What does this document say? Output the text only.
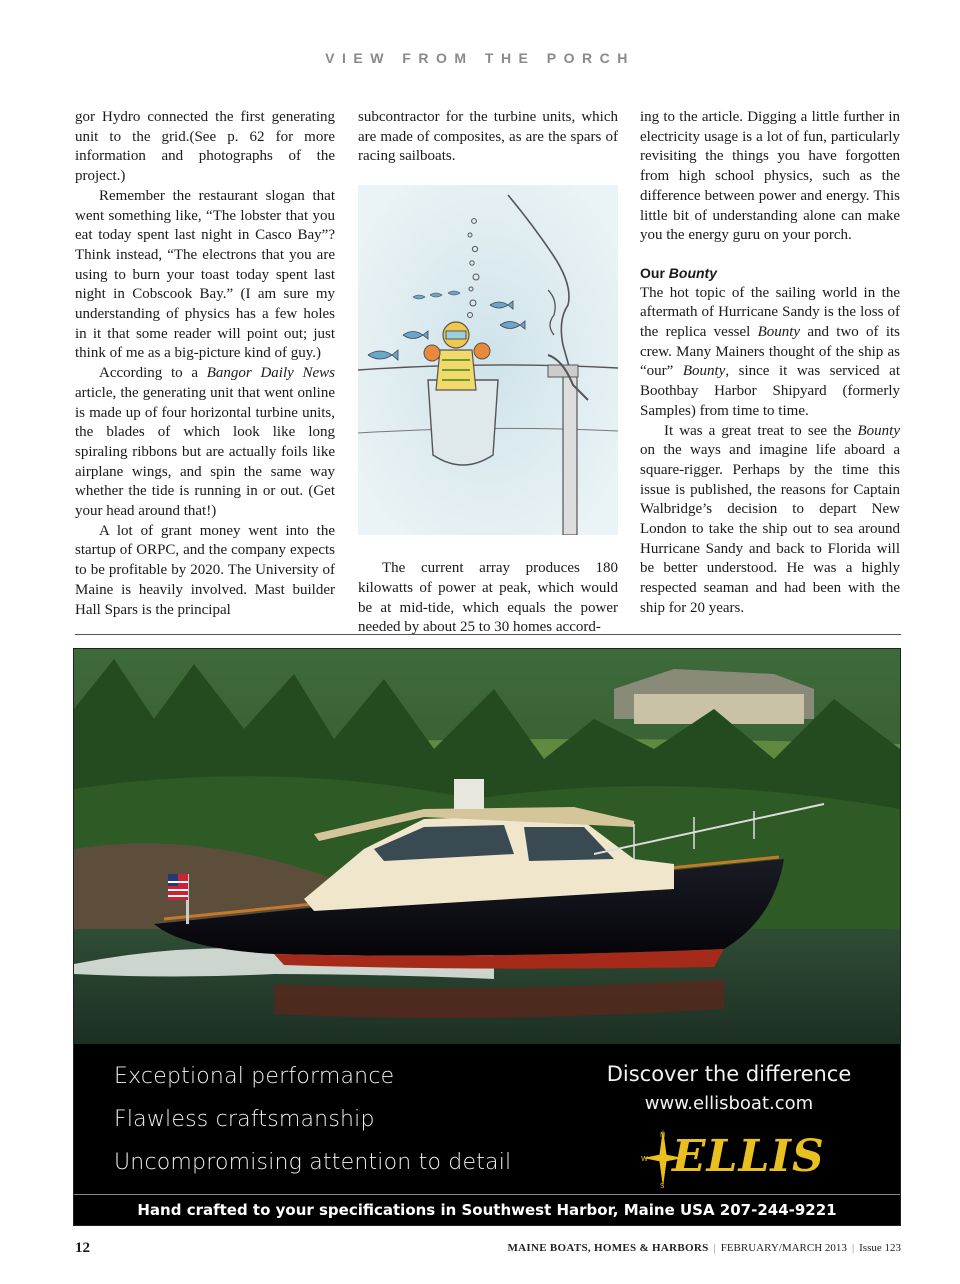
VIEW FROM THE PORCH

gor Hydro connected the first generating unit to the grid.(See p. 62 for more information and photographs of the project.)

Remember the restaurant slogan that went something like, “The lobster that you eat today spent last night in Casco Bay”? Think instead, “The electrons that you are using to burn your toast today spent last night in Cobscook Bay.” (I am sure my understanding of physics has a few holes in it that some reader will point out; just think of me as a big-picture kind of guy.)

According to a Bangor Daily News article, the generating unit that went online is made up of four horizontal turbine units, the blades of which look like long spiraling ribbons but are actually foils like airplane wings, and spin the same way whether the tide is running in or out. (Get your head around that!)

A lot of grant money went into the startup of ORPC, and the company expects to be profitable by 2020. The University of Maine is heavily involved. Mast builder Hall Spars is the principal

subcontractor for the turbine units, which are made of composites, as are the spars of racing sailboats.

The current array produces 180 kilowatts of power at peak, which would be at mid-tide, which equals the power needed by about 25 to 30 homes accord-

ing to the article. Digging a little further in electricity usage is a lot of fun, particularly revisiting the things you have forgotten from high school physics, such as the difference between power and energy. This little bit of understanding alone can make you the energy guru on your porch.

Our Bounty

The hot topic of the sailing world in the aftermath of Hurricane Sandy is the loss of the replica vessel Bounty and two of its crew. Many Mainers thought of the ship as “our” Bounty, since it was serviced at Boothbay Harbor Shipyard (formerly Samples) from time to time.

It was a great treat to see the Bounty on the ways and imagine life aboard a square-rigger. Perhaps by the time this issue is published, the reasons for Captain Walbridge’s decision to depart New London to take the ship out to sea around Hurricane Sandy and back to Florida will be better understood. He was a highly respected seaman and had been with the ship for 20 years.

Exceptional performance
Flawless craftsmanship
Uncompromising attention to detail
Discover the difference
www.ellisboat.com
N
W
S
ELLIS
Hand crafted to your specifications in Southwest Harbor, Maine USA 207-244-9221
12	MAINE BOATS, HOMES & HARBORS | FEBRUARY/MARCH 2013 | Issue 123
